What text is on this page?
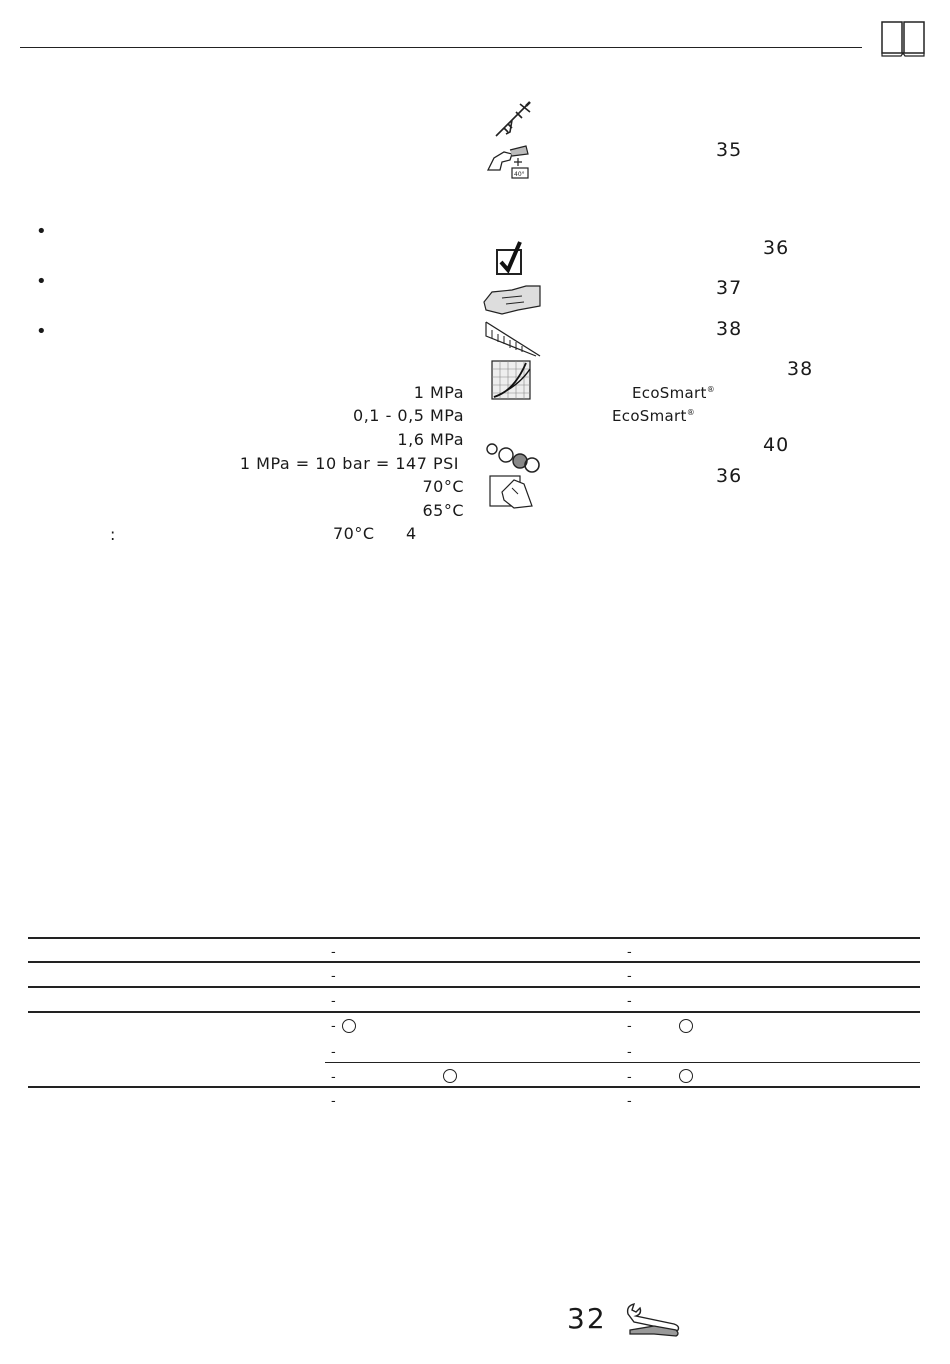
•
•
•
1 MPa
0,1 - 0,5 MPa
1,6 MPa
1 MPa = 10 bar = 147 PSI
70°C
65°C
:	70°C 4
40°
35
36
37
38
38
40
36
EcoSmart®
EcoSmart®
-	-
-	-
-	-
-	-
-	-
-	-
-	-
32
